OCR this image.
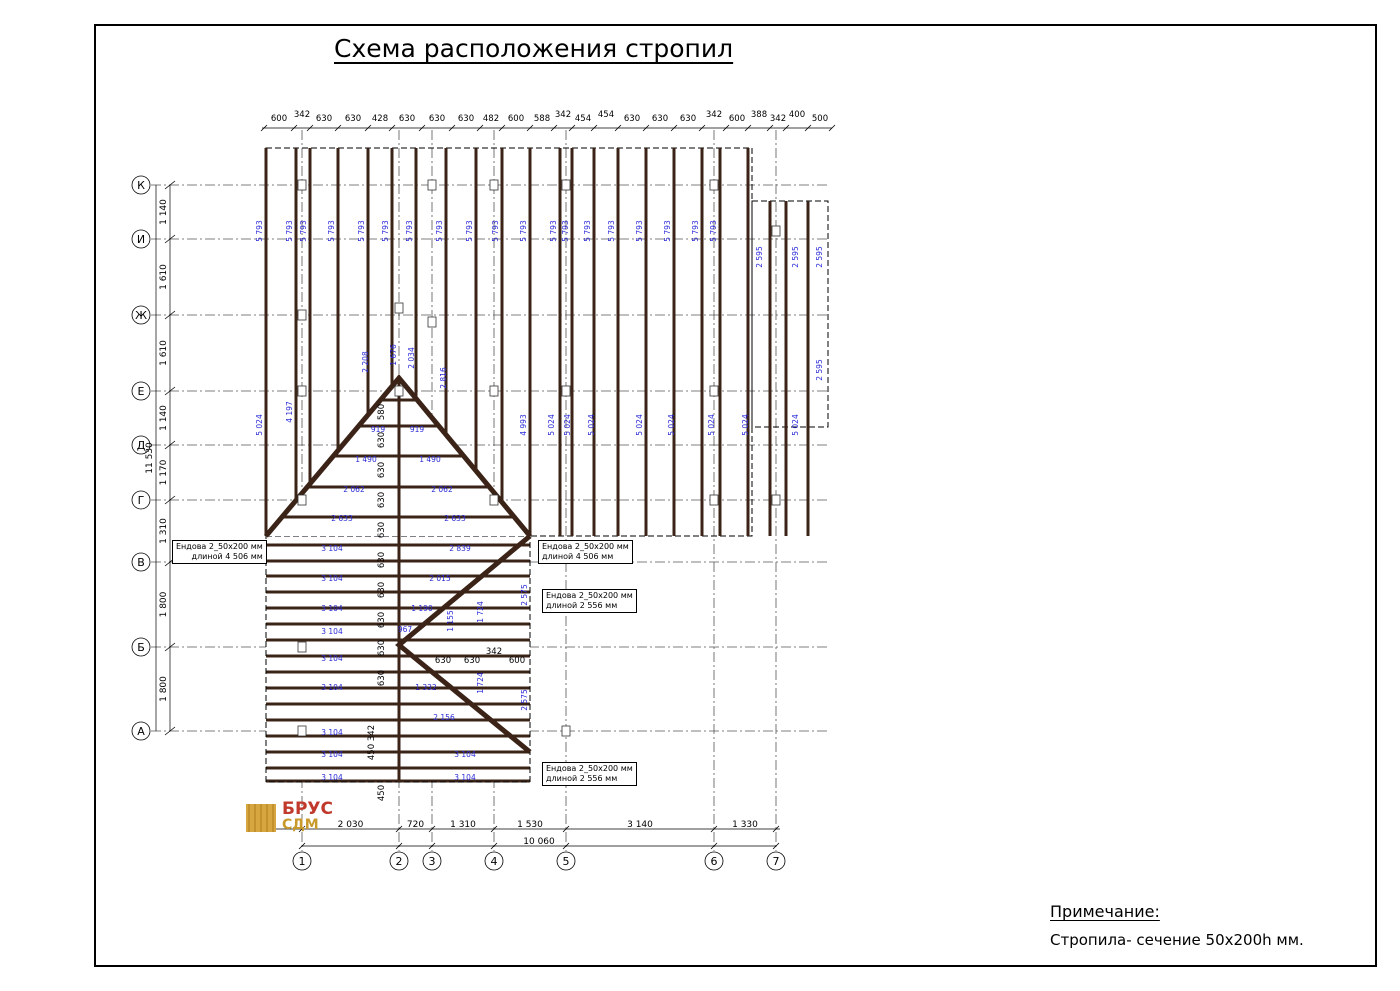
Схема расположения стропил
К
И
Ж
Е
Д
Г
В
Б
А
1	2 3	4	5	6	7
1 140
1 610
1 610
1 140
1 170
1 310
1 800
1 800
11 530
600 342 630 630 428 630 630 630 482 600 588 342 454 454 630 630 630 342 600 388 342 400 500
2 030	720	1 310	1 530	3 140	1 330
10 060
5 793	5 793 5 793	5 793	5 793 5 793 5 793	5 793	5 793 5 793	5 793	5 793 5 793 5 793 5 793	5 793	5 793	5 793 5 793
2 595	2 595 2 595
2 595
5 024
4 197
2 208	1 676 2 034
2 816
4 993	5 024 5 024 5 024	5 024	5 024	5 024	5 024	5 024
919	919
1 490	1 490
2 062	2 062
2 633	2 633
3 104	2 839
3 104	2 015
3 104	1 190
3 104
1 332
3 104
2 156
3 104
3 104
3 104	3 104
3 104	3 104
967
1 724
1 724
2 575
2 575
1 155
580
630
630
630
630
630
630
630
630
630
342
450
450
630 630
342
600
БРУС
СДМ
Примечание:
Стропила- сечение 50x200h мм.
Ендова 2_50x200 мм
длиной 4 506 мм
Ендова 2_50x200 мм
длиной 4 506 мм
Ендова 2_50x200 мм
длиной 2 556 мм
Ендова 2_50x200 мм
длиной 2 556 мм
